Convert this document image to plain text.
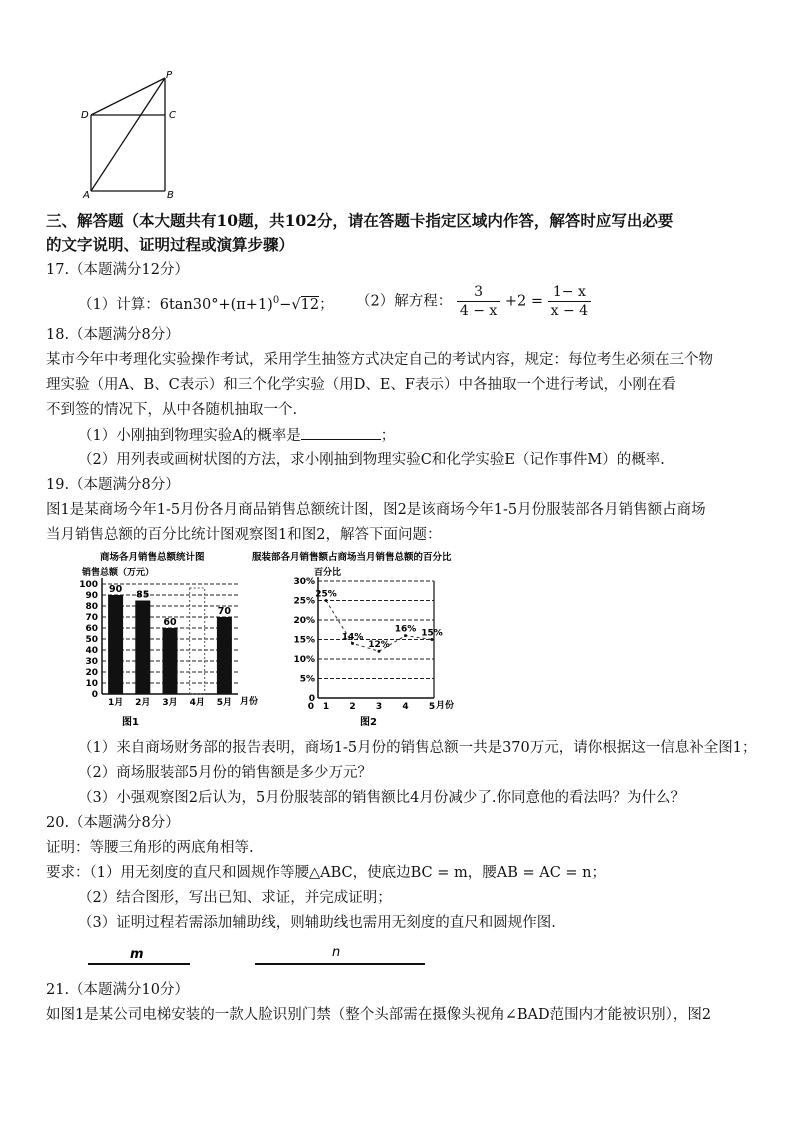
P
D	C
A	B
三、解答题（本大题共有10题，共102分，请在答题卡指定区域内作答，解答时应写出必要
的文字说明、证明过程或演算步骤）
17.（本题满分12分）
（1）计算：$6\tan 30^\circ+(\pi+1)^0-√12$； （2）解方程： $\frac{3}{4 - x} +2 = \frac{1- x}{x - 4}$
18.（本题满分8分）
某市今年中考理化实验操作考试，采用学生抽签方式决定自己的考试内容，规定：每位考生必须在三个物
理实验（用A、B、C表示）和三个化学实验（用D、E、F表示）中各抽取一个进行考试，小刚在看
不到签的情况下，从中各随机抽取一个.
（1）小刚抽到物理实验A的概率是	；
（2）用列表或画树状图的方法，求小刚抽到物理实验C和化学实验E（记作事件M）的概率.
19.（本题满分8分）
图1是某商场今年1-5月份各月商品销售总额统计图，图2是该商场今年1-5月份服装部各月销售额占商场
当月销售总额的百分比统计图观察图1和图2，解答下面问题：
商场各月销售总额统计图
销售总额（万元）
月份
图1
0
10
20
30
40
50
60
70
80
90
100 90
1月
85
2月
60
3月 4月
70
5月
服装部各月销售额占商场当月销售总额的百分比
百分比
月份
图2
0
5%
10%
15%
20%
25%
30%
25%
14%
12%
16% 15%
1 2 3 4 5
0
（1）来自商场财务部的报告表明，商场1-5月份的销售总额一共是370万元，请你根据这一信息补全图1；
（2）商场服装部5月份的销售额是多少万元？
（3）小强观察图2后认为，5月份服装部的销售额比4月份减少了.你同意他的看法吗？为什么？
20.（本题满分8分）
证明：等腰三角形的两底角相等.
要求：（1）用无刻度的直尺和圆规作等腰△ABC，使底边BC = m，腰AB = AC = n；
（2）结合图形，写出已知、求证，并完成证明；
（3）证明过程若需添加辅助线，则辅助线也需用无刻度的直尺和圆规作图.
m	n
21.（本题满分10分）
如图1是某公司电梯安装的一款人脸识别门禁（整个头部需在摄像头视角∠BAD范围内才能被识别），图2
